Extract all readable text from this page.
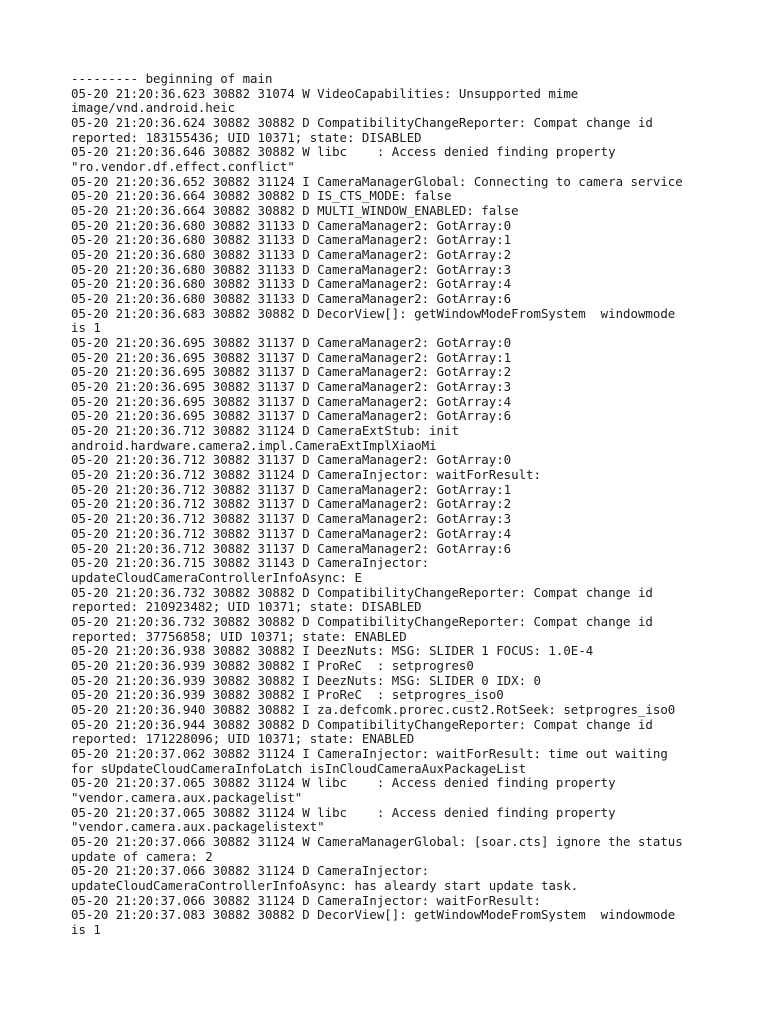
--------- beginning of main
05-20 21:20:36.623 30882 31074 W VideoCapabilities: Unsupported mime
image/vnd.android.heic
05-20 21:20:36.624 30882 30882 D CompatibilityChangeReporter: Compat change id
reported: 183155436; UID 10371; state: DISABLED
05-20 21:20:36.646 30882 30882 W libc    : Access denied finding property
"ro.vendor.df.effect.conflict"
05-20 21:20:36.652 30882 31124 I CameraManagerGlobal: Connecting to camera service
05-20 21:20:36.664 30882 30882 D IS_CTS_MODE: false
05-20 21:20:36.664 30882 30882 D MULTI_WINDOW_ENABLED: false
05-20 21:20:36.680 30882 31133 D CameraManager2: GotArray:0
05-20 21:20:36.680 30882 31133 D CameraManager2: GotArray:1
05-20 21:20:36.680 30882 31133 D CameraManager2: GotArray:2
05-20 21:20:36.680 30882 31133 D CameraManager2: GotArray:3
05-20 21:20:36.680 30882 31133 D CameraManager2: GotArray:4
05-20 21:20:36.680 30882 31133 D CameraManager2: GotArray:6
05-20 21:20:36.683 30882 30882 D DecorView[]: getWindowModeFromSystem  windowmode
is 1
05-20 21:20:36.695 30882 31137 D CameraManager2: GotArray:0
05-20 21:20:36.695 30882 31137 D CameraManager2: GotArray:1
05-20 21:20:36.695 30882 31137 D CameraManager2: GotArray:2
05-20 21:20:36.695 30882 31137 D CameraManager2: GotArray:3
05-20 21:20:36.695 30882 31137 D CameraManager2: GotArray:4
05-20 21:20:36.695 30882 31137 D CameraManager2: GotArray:6
05-20 21:20:36.712 30882 31124 D CameraExtStub: init
android.hardware.camera2.impl.CameraExtImplXiaoMi
05-20 21:20:36.712 30882 31137 D CameraManager2: GotArray:0
05-20 21:20:36.712 30882 31124 D CameraInjector: waitForResult:
05-20 21:20:36.712 30882 31137 D CameraManager2: GotArray:1
05-20 21:20:36.712 30882 31137 D CameraManager2: GotArray:2
05-20 21:20:36.712 30882 31137 D CameraManager2: GotArray:3
05-20 21:20:36.712 30882 31137 D CameraManager2: GotArray:4
05-20 21:20:36.712 30882 31137 D CameraManager2: GotArray:6
05-20 21:20:36.715 30882 31143 D CameraInjector:
updateCloudCameraControllerInfoAsync: E
05-20 21:20:36.732 30882 30882 D CompatibilityChangeReporter: Compat change id
reported: 210923482; UID 10371; state: DISABLED
05-20 21:20:36.732 30882 30882 D CompatibilityChangeReporter: Compat change id
reported: 37756858; UID 10371; state: ENABLED
05-20 21:20:36.938 30882 30882 I DeezNuts: MSG: SLIDER 1 FOCUS: 1.0E-4
05-20 21:20:36.939 30882 30882 I ProReC  : setprogres0
05-20 21:20:36.939 30882 30882 I DeezNuts: MSG: SLIDER 0 IDX: 0
05-20 21:20:36.939 30882 30882 I ProReC  : setprogres_iso0
05-20 21:20:36.940 30882 30882 I za.defcomk.prorec.cust2.RotSeek: setprogres_iso0
05-20 21:20:36.944 30882 30882 D CompatibilityChangeReporter: Compat change id
reported: 171228096; UID 10371; state: ENABLED
05-20 21:20:37.062 30882 31124 I CameraInjector: waitForResult: time out waiting
for sUpdateCloudCameraInfoLatch isInCloudCameraAuxPackageList
05-20 21:20:37.065 30882 31124 W libc    : Access denied finding property
"vendor.camera.aux.packagelist"
05-20 21:20:37.065 30882 31124 W libc    : Access denied finding property
"vendor.camera.aux.packagelistext"
05-20 21:20:37.066 30882 31124 W CameraManagerGlobal: [soar.cts] ignore the status
update of camera: 2
05-20 21:20:37.066 30882 31124 D CameraInjector:
updateCloudCameraControllerInfoAsync: has aleardy start update task.
05-20 21:20:37.066 30882 31124 D CameraInjector: waitForResult:
05-20 21:20:37.083 30882 30882 D DecorView[]: getWindowModeFromSystem  windowmode
is 1
